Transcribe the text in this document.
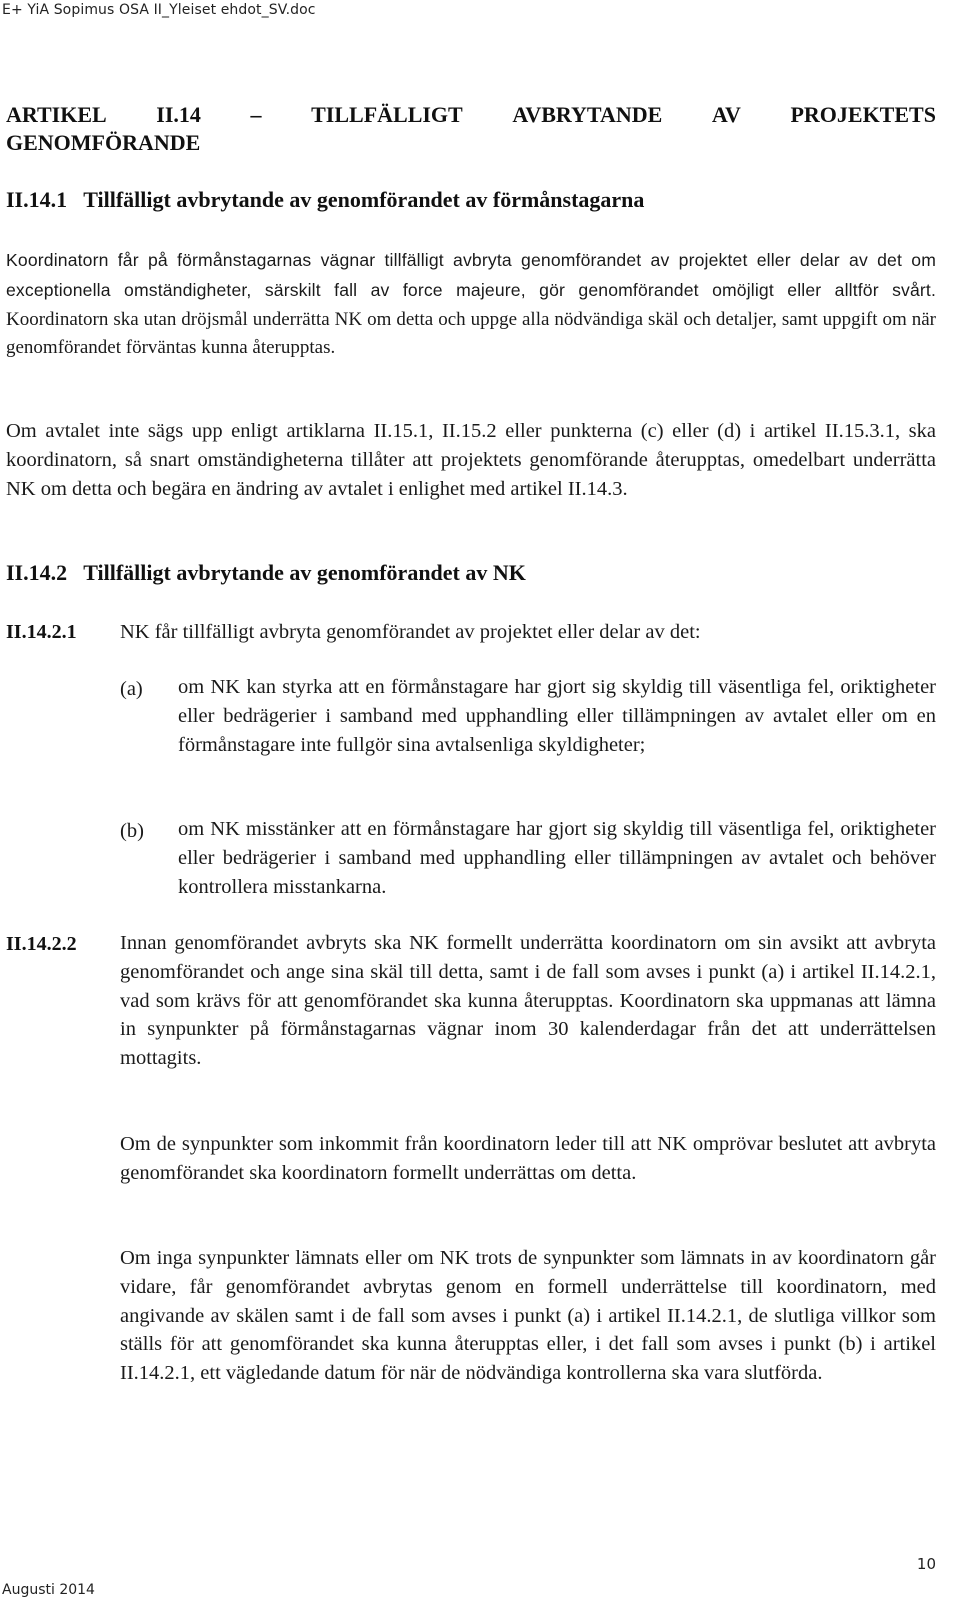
E+ YiA Sopimus OSA II_Yleiset ehdot_SV.doc
ARTIKEL II.14 – TILLFÄLLIGT AVBRYTANDE AV PROJEKTETS
GENOMFÖRANDE
II.14.1 Tillfälligt avbrytande av genomförandet av förmånstagarna
Koordinatorn får på förmånstagarnas vägnar tillfälligt avbryta genomförandet av projektet eller delar av det om exceptionella omständigheter, särskilt fall av force majeure, gör genomförandet omöjligt eller alltför svårt. Koordinatorn ska utan dröjsmål underrätta NK om detta och uppge alla nödvändiga skäl och detaljer, samt uppgift om när genomförandet förväntas kunna återupptas.
Om avtalet inte sägs upp enligt artiklarna II.15.1, II.15.2 eller punkterna (c) eller (d) i artikel II.15.3.1, ska koordinatorn, så snart omständigheterna tillåter att projektets genomförande återupptas, omedelbart underrätta NK om detta och begära en ändring av avtalet i enlighet med artikel II.14.3.
II.14.2 Tillfälligt avbrytande av genomförandet av NK
II.14.2.1 NK får tillfälligt avbryta genomförandet av projektet eller delar av det:
(a) om NK kan styrka att en förmånstagare har gjort sig skyldig till väsentliga fel, oriktigheter eller bedrägerier i samband med upphandling eller tillämpningen av avtalet eller om en förmånstagare inte fullgör sina avtalsenliga skyldigheter;
(b) om NK misstänker att en förmånstagare har gjort sig skyldig till väsentliga fel, oriktigheter eller bedrägerier i samband med upphandling eller tillämpningen av avtalet och behöver kontrollera misstankarna.
II.14.2.2 Innan genomförandet avbryts ska NK formellt underrätta koordinatorn om sin avsikt att avbryta genomförandet och ange sina skäl till detta, samt i de fall som avses i punkt (a) i artikel II.14.2.1, vad som krävs för att genomförandet ska kunna återupptas. Koordinatorn ska uppmanas att lämna in synpunkter på förmånstagarnas vägnar inom 30 kalenderdagar från det att underrättelsen mottagits.
Om de synpunkter som inkommit från koordinatorn leder till att NK omprövar beslutet att avbryta genomförandet ska koordinatorn formellt underrättas om detta.
Om inga synpunkter lämnats eller om NK trots de synpunkter som lämnats in av koordinatorn går vidare, får genomförandet avbrytas genom en formell underrättelse till koordinatorn, med angivande av skälen samt i de fall som avses i punkt (a) i artikel II.14.2.1, de slutliga villkor som ställs för att genomförandet ska kunna återupptas eller, i det fall som avses i punkt (b) i artikel II.14.2.1, ett vägledande datum för när de nödvändiga kontrollerna ska vara slutförda.
10
Augusti 2014
